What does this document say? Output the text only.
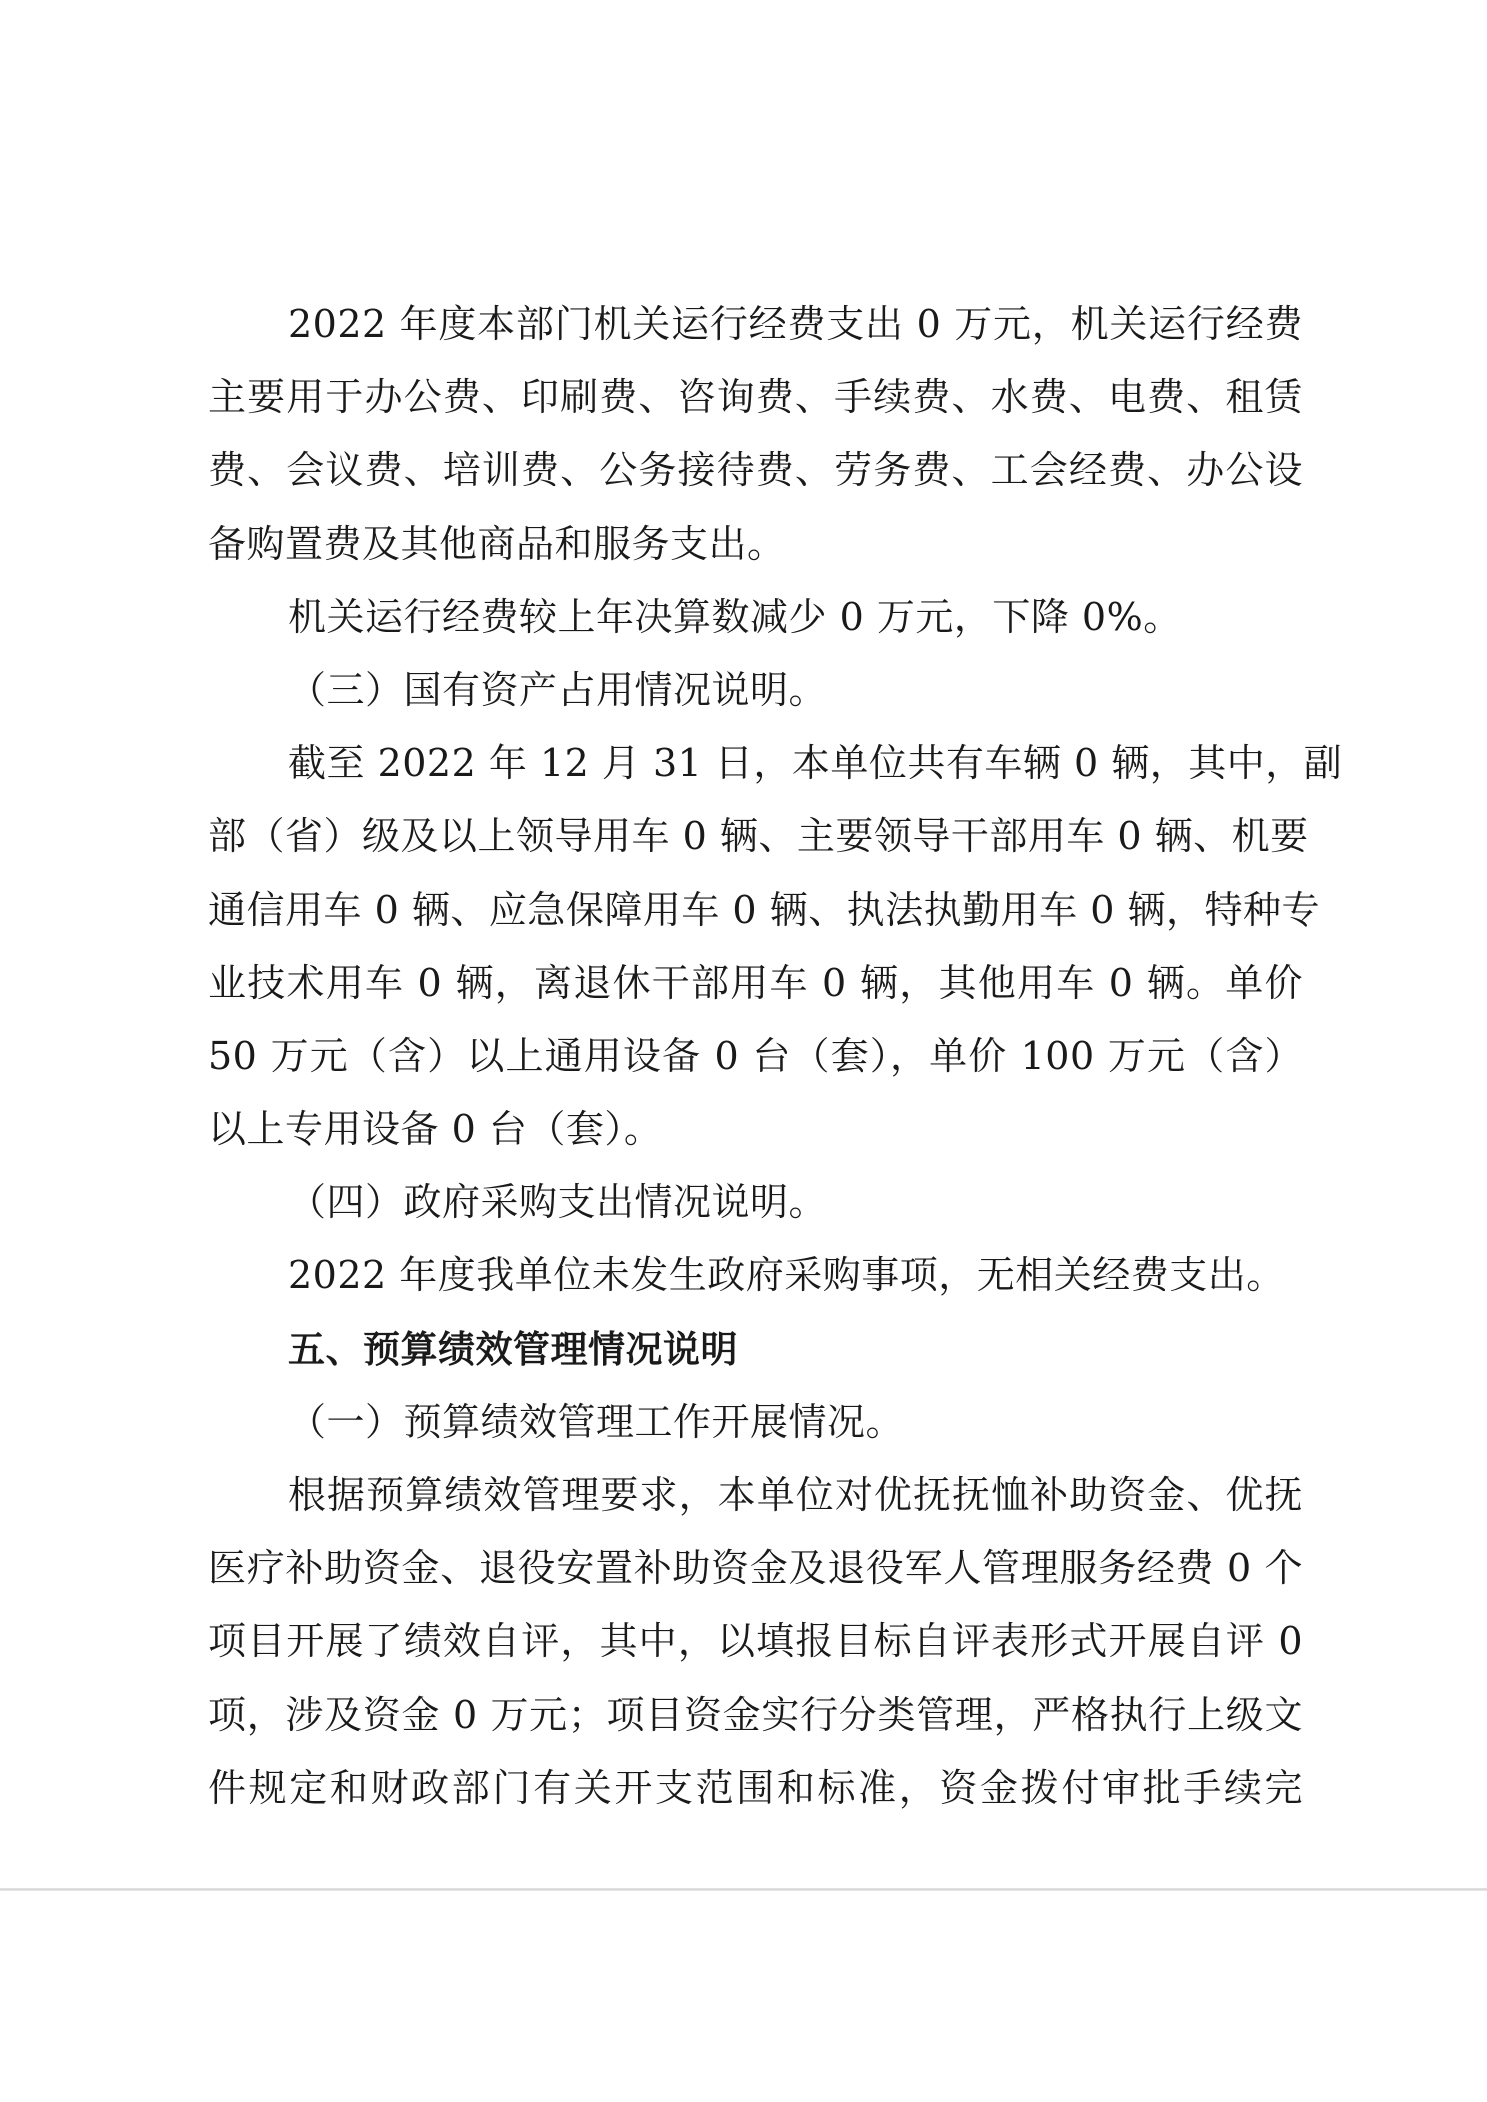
2022 年度本部门机关运行经费支出 0 万元，机关运行经费
主要用于办公费、印刷费、咨询费、手续费、水费、电费、租赁
费、会议费、培训费、公务接待费、劳务费、工会经费、办公设
备购置费及其他商品和服务支出。
机关运行经费较上年决算数减少 0 万元，下降 0%。
（三）国有资产占用情况说明。
截至 2022 年 12 月 31 日，本单位共有车辆 0 辆，其中，副
部（省）级及以上领导用车 0 辆、主要领导干部用车 0 辆、机要
通信用车 0 辆、应急保障用车 0 辆、执法执勤用车 0 辆，特种专
业技术用车 0 辆，离退休干部用车 0 辆，其他用车 0 辆。单价
50 万元（含）以上通用设备 0 台（套），单价 100 万元（含）
以上专用设备 0 台（套）。
（四）政府采购支出情况说明。
2022 年度我单位未发生政府采购事项，无相关经费支出。
五、预算绩效管理情况说明
（一）预算绩效管理工作开展情况。
根据预算绩效管理要求，本单位对优抚抚恤补助资金、优抚
医疗补助资金、退役安置补助资金及退役军人管理服务经费 0 个
项目开展了绩效自评，其中，以填报目标自评表形式开展自评 0
项，涉及资金 0 万元；项目资金实行分类管理，严格执行上级文
件规定和财政部门有关开支范围和标准，资金拨付审批手续完
